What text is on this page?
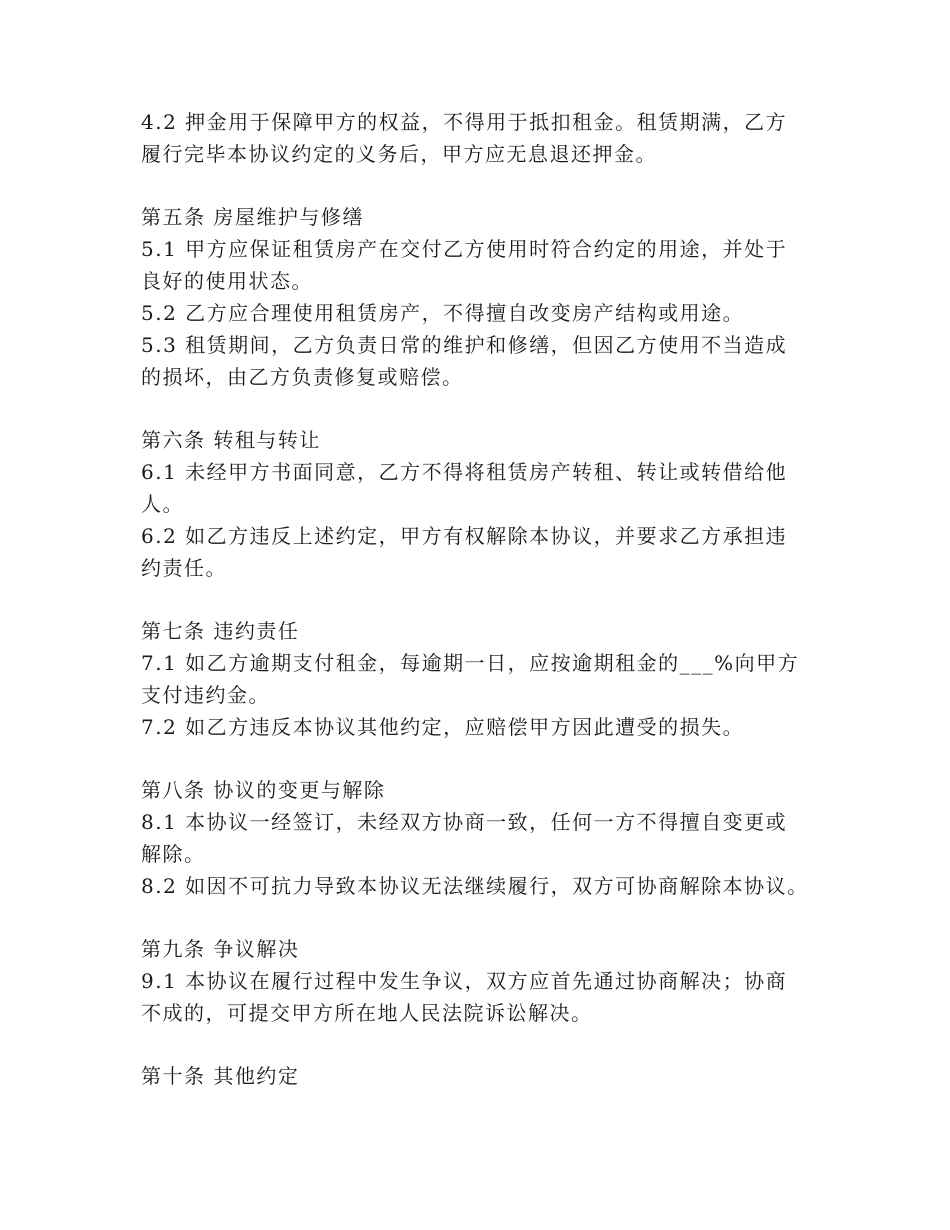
4.2 押金用于保障甲方的权益，不得用于抵扣租金。租赁期满，乙方
履行完毕本协议约定的义务后，甲方应无息退还押金。
第五条 房屋维护与修缮
5.1 甲方应保证租赁房产在交付乙方使用时符合约定的用途，并处于
良好的使用状态。
5.2 乙方应合理使用租赁房产，不得擅自改变房产结构或用途。
5.3 租赁期间，乙方负责日常的维护和修缮，但因乙方使用不当造成
的损坏，由乙方负责修复或赔偿。
第六条 转租与转让
6.1 未经甲方书面同意，乙方不得将租赁房产转租、转让或转借给他
人。
6.2 如乙方违反上述约定，甲方有权解除本协议，并要求乙方承担违
约责任。
第七条 违约责任
7.1 如乙方逾期支付租金，每逾期一日，应按逾期租金的___%向甲方
支付违约金。
7.2 如乙方违反本协议其他约定，应赔偿甲方因此遭受的损失。
第八条 协议的变更与解除
8.1 本协议一经签订，未经双方协商一致，任何一方不得擅自变更或
解除。
8.2 如因不可抗力导致本协议无法继续履行，双方可协商解除本协议。
第九条 争议解决
9.1 本协议在履行过程中发生争议，双方应首先通过协商解决；协商
不成的，可提交甲方所在地人民法院诉讼解决。
第十条 其他约定
